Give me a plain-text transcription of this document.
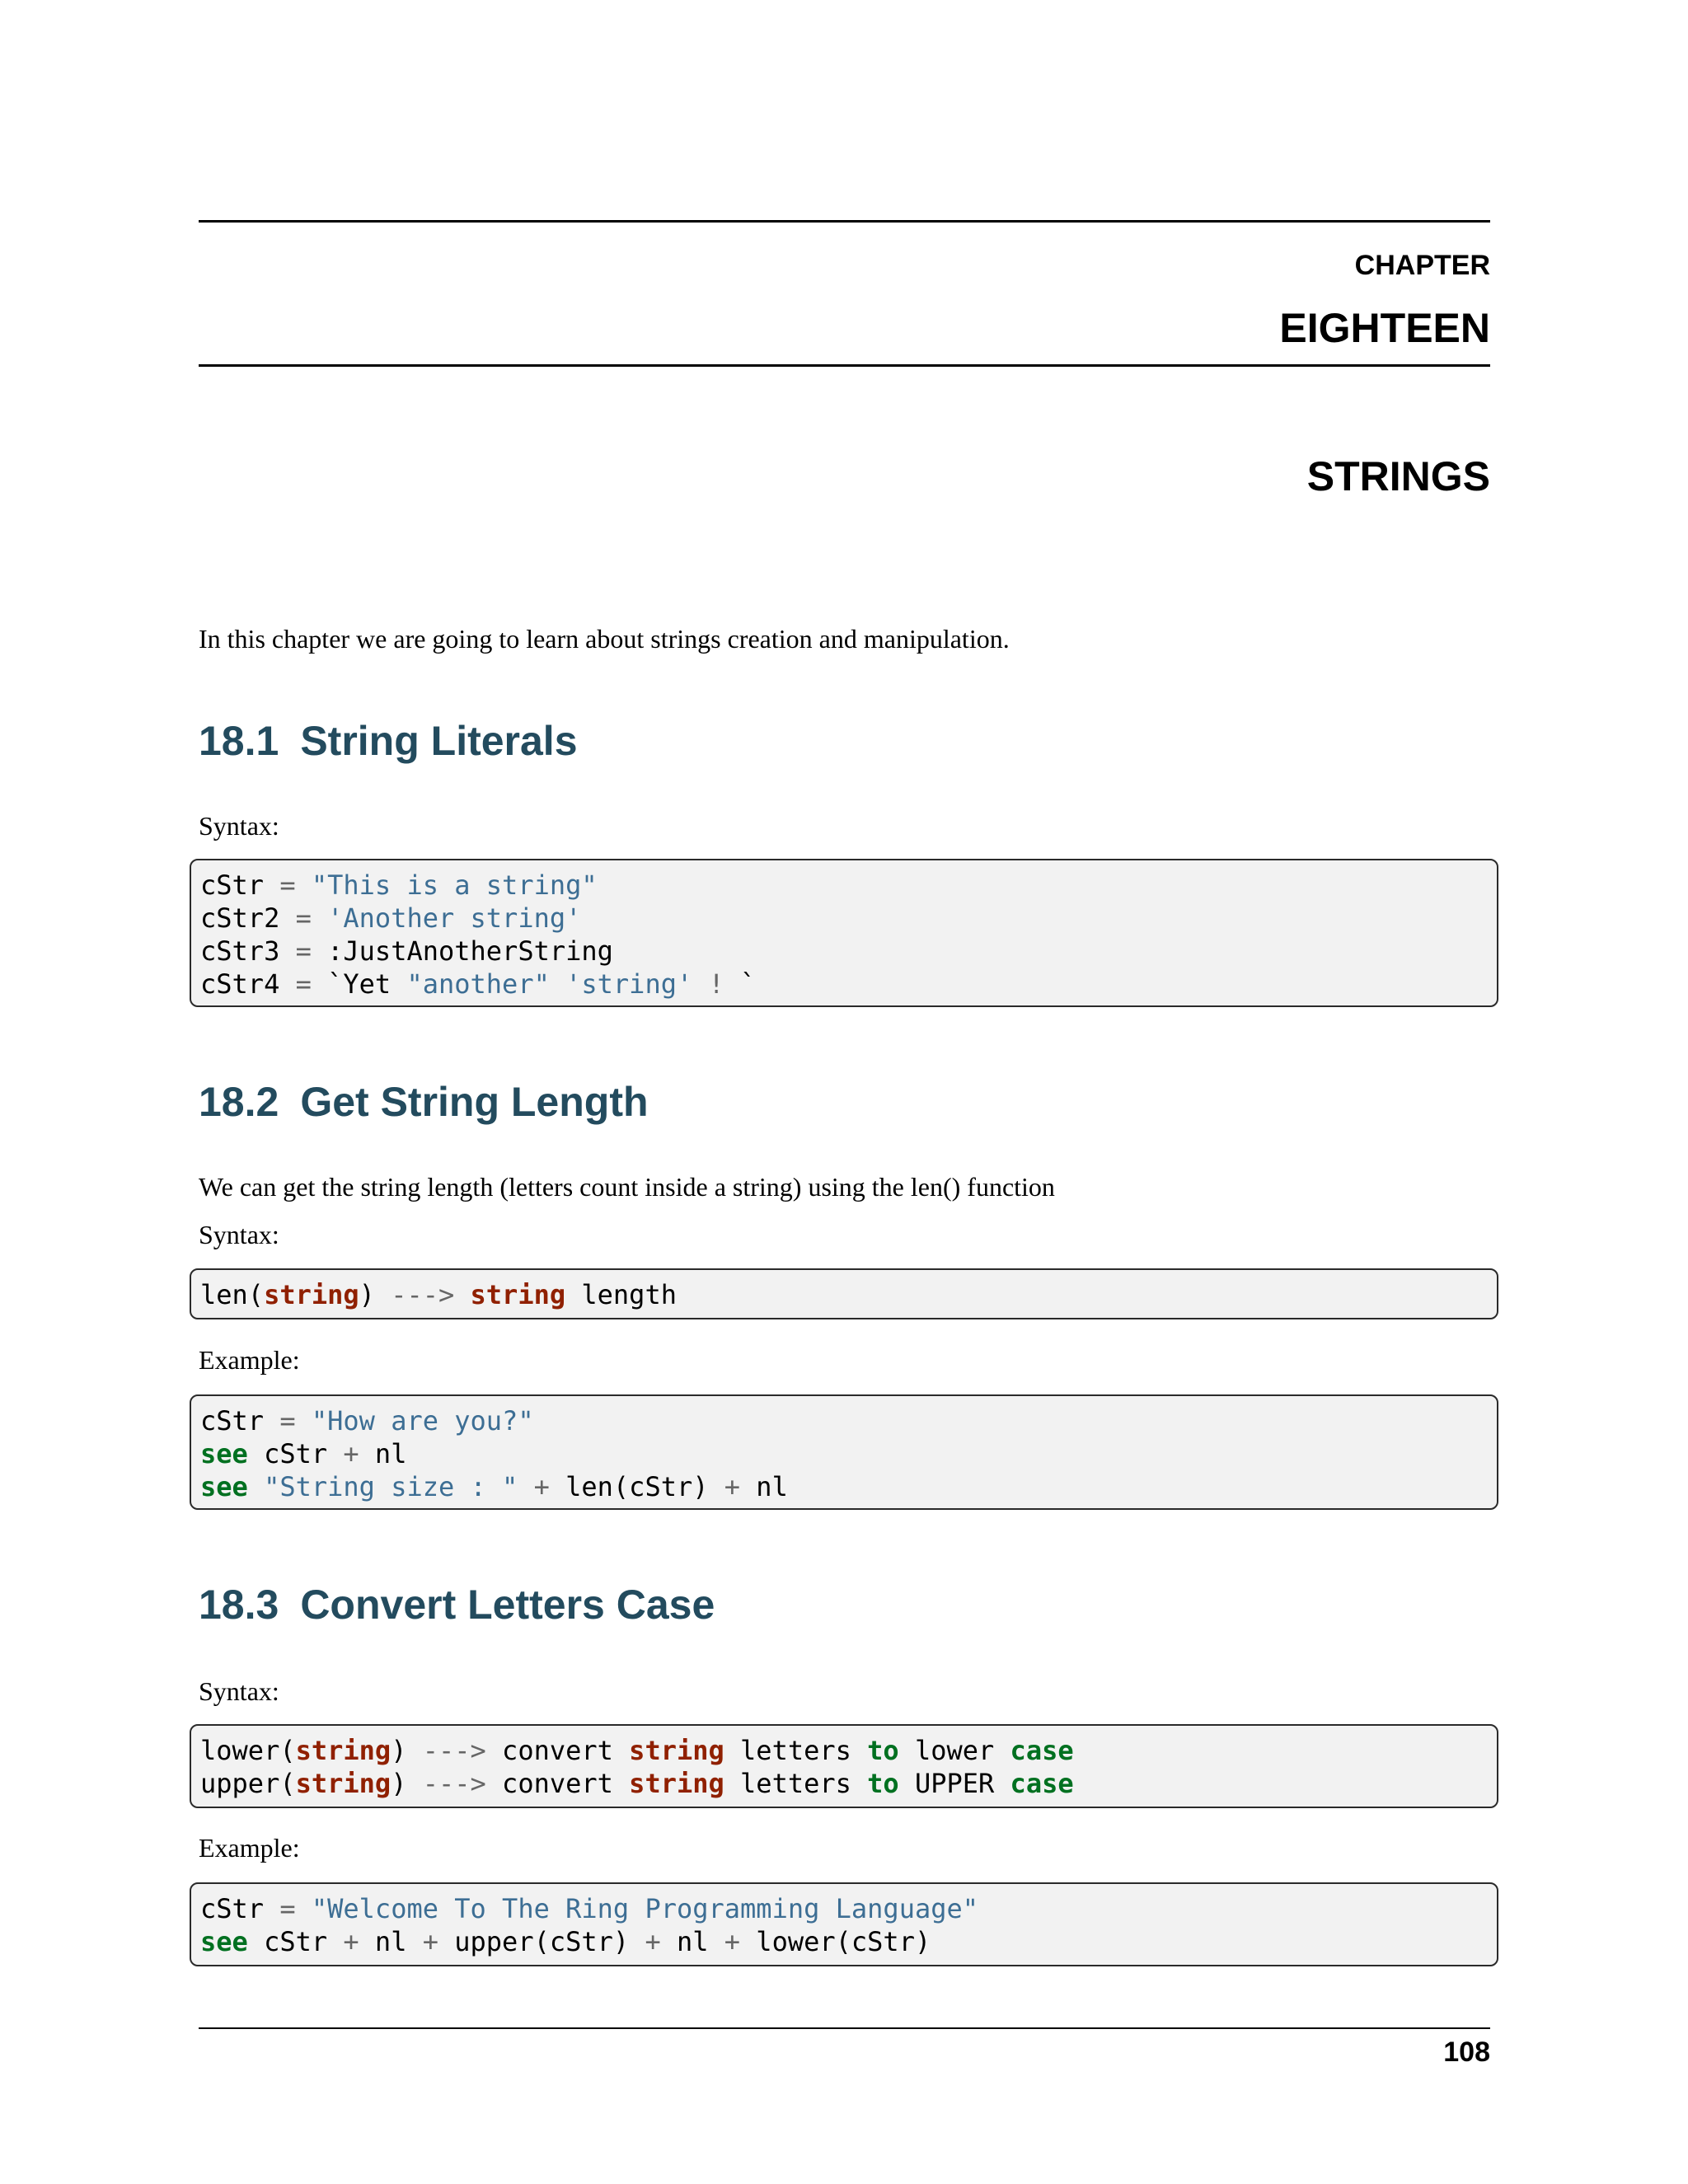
CHAPTER
EIGHTEEN
STRINGS
In this chapter we are going to learn about strings creation and manipulation.
18.1 String Literals
Syntax:
cStr = "This is a string"
cStr2 = 'Another string'
cStr3 = :JustAnotherString
cStr4 = `Yet "another" 'string' ! `
18.2 Get String Length
We can get the string length (letters count inside a string) using the len() function
Syntax:
len(string) ---> string length
Example:
cStr = "How are you?"
see cStr + nl
see "String size : " + len(cStr) + nl
18.3 Convert Letters Case
Syntax:
lower(string) ---> convert string letters to lower case
upper(string) ---> convert string letters to UPPER case
Example:
cStr = "Welcome To The Ring Programming Language"
see cStr + nl + upper(cStr) + nl + lower(cStr)
108
